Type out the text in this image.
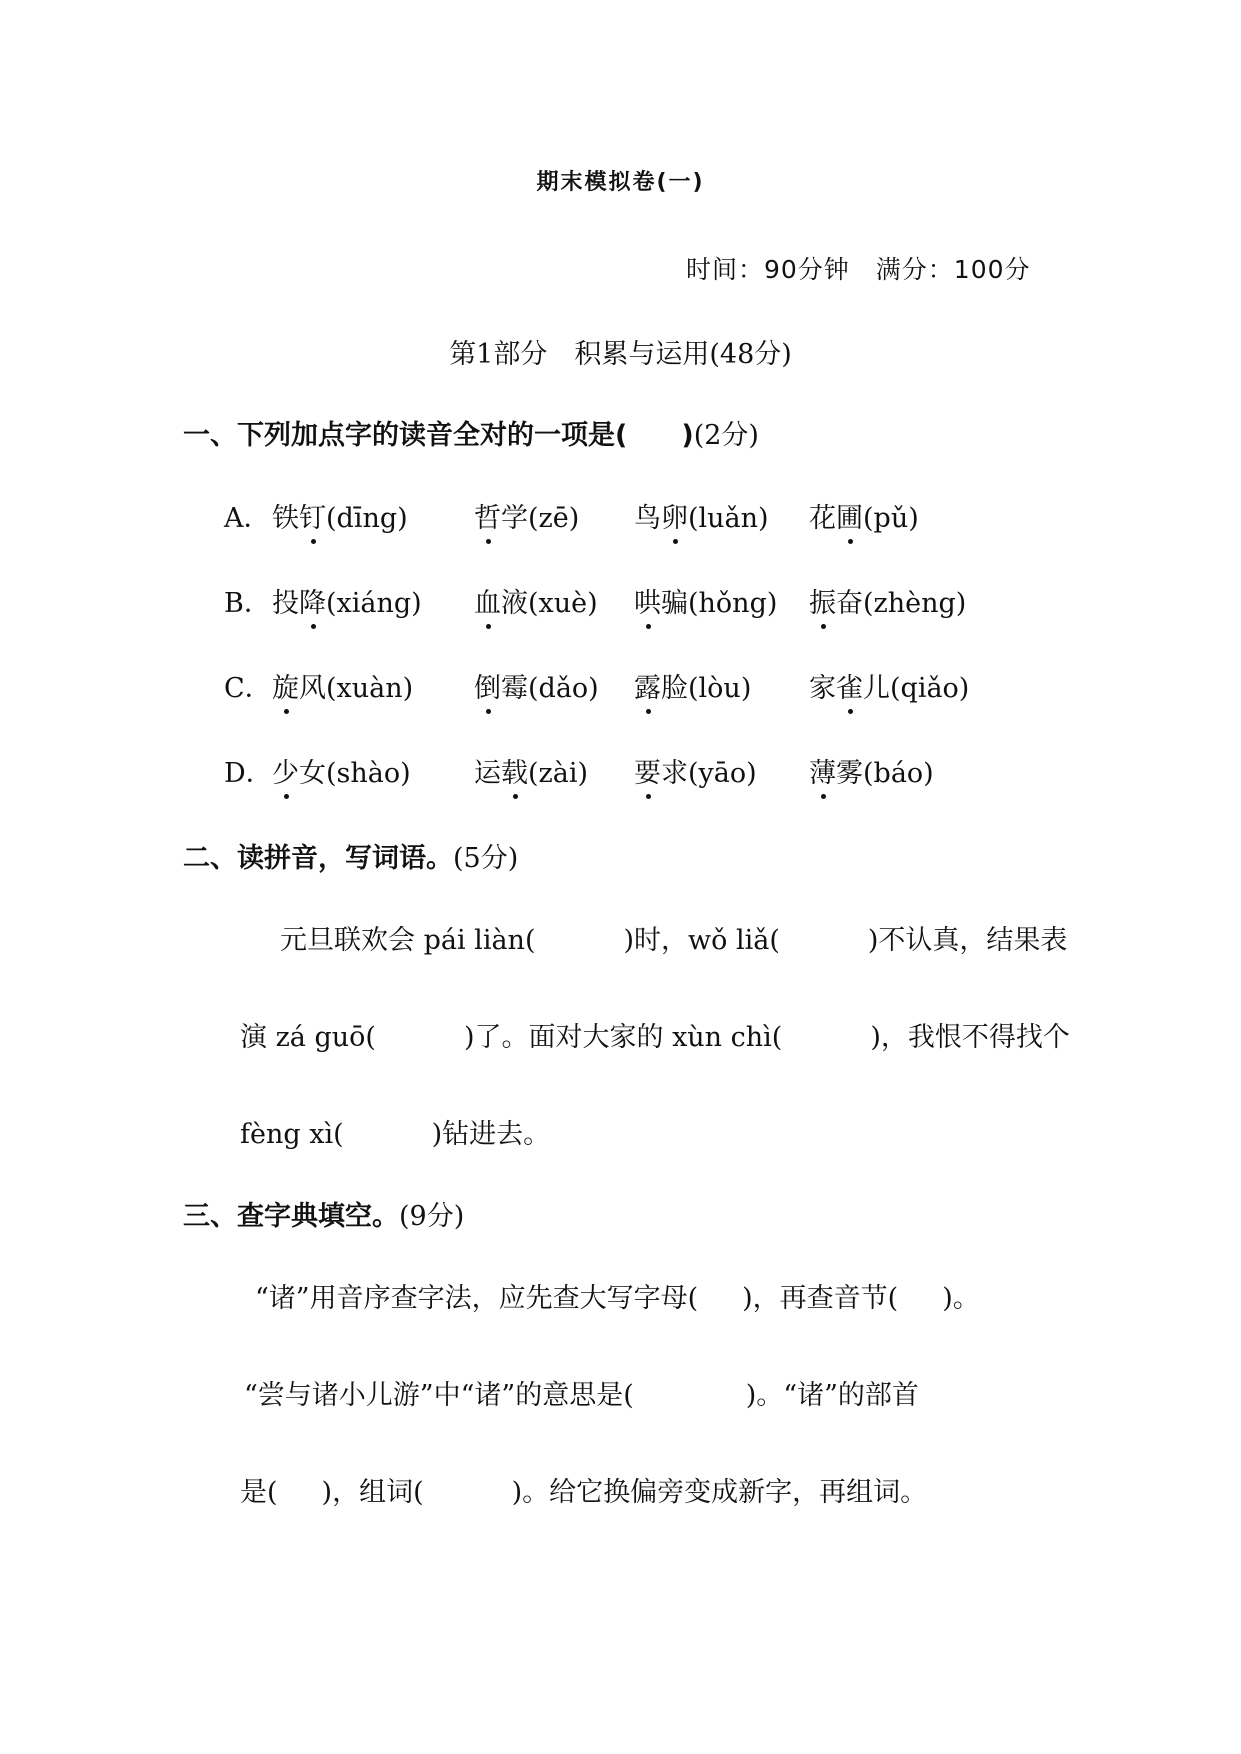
期末模拟卷(一)
时间：90分钟　满分：100分
第1部分　积累与运用(48分)
一、下列加点字的读音全对的一项是(　　)(2分)
A． 铁钉(dīng) 哲学(zē) 鸟卵(luǎn) 花圃(pǔ)
B． 投降(xiáng) 血液(xuè) 哄骗(hǒng) 振奋(zhèng)
C． 旋风(xuàn) 倒霉(dǎo) 露脸(lòu) 家雀儿(qiǎo)
D． 少女(shào) 运载(zài) 要求(yāo) 薄雾(báo)
二、读拼音，写词语。(5分)
元旦联欢会 pái liàn(	)时，wǒ liǎ(	)不认真，结果表
演 zá guō(	)了。面对大家的 xùn chì(	)，我恨不得找个
fèng xì(	)钻进去。
三、查字典填空。(9分)
“诸”用音序查字法，应先查大写字母( )，再查音节( )。
“尝与诸小儿游”中“诸”的意思是(	)。“诸”的部首
是( )，组词(	)。给它换偏旁变成新字，再组词。
